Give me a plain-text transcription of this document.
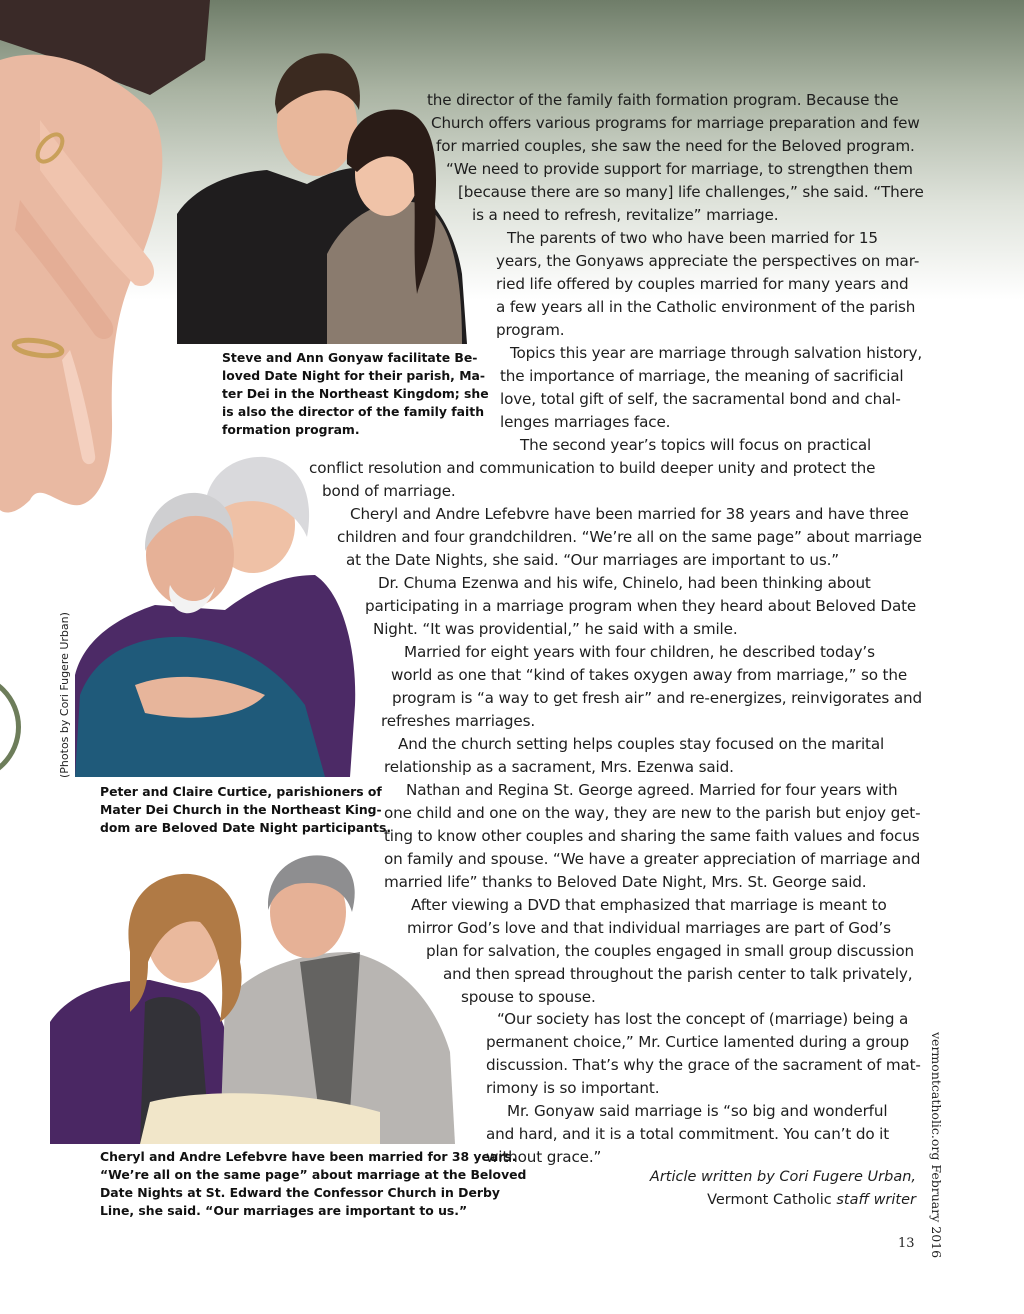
the director of the family faith formation program. Because the
Church offers various programs for marriage preparation and few
for married couples, she saw the need for the Beloved program.
“We need to provide support for marriage, to strengthen them
[because there are so many] life challenges,” she said. “There
is a need to refresh, revitalize” marriage.
The parents of two who have been married for 15
years, the Gonyaws appreciate the perspectives on mar-
ried life offered by couples married for many years and
a few years all in the Catholic environment of the parish
program.
Topics this year are marriage through salvation history,
the importance of marriage, the meaning of sacrificial
love, total gift of self, the sacramental bond and chal-
lenges marriages face.
The second year’s topics will focus on practical
conflict resolution and communication to build deeper unity and protect the
bond of marriage.
Cheryl and Andre Lefebvre have been married for 38 years and have three
children and four grandchildren. “We’re all on the same page” about marriage
at the Date Nights, she said. “Our marriages are important to us.”
Dr. Chuma Ezenwa and his wife, Chinelo, had been thinking about
participating in a marriage program when they heard about Beloved Date
Night. “It was providential,” he said with a smile.
Married for eight years with four children, he described today’s
world as one that “kind of takes oxygen away from marriage,” so the
program is “a way to get fresh air” and re-energizes, reinvigorates and
refreshes marriages.
And the church setting helps couples stay focused on the marital
relationship as a sacrament, Mrs. Ezenwa said.
Nathan and Regina St. George agreed. Married for four years with
one child and one on the way, they are new to the parish but enjoy get-
ting to know other couples and sharing the same faith values and focus
on family and spouse. “We have a greater appreciation of marriage and
married life” thanks to Beloved Date Night, Mrs. St. George said.
After viewing a DVD that emphasized that marriage is meant to
mirror God’s love and that individual marriages are part of God’s
plan for salvation, the couples engaged in small group discussion
and then spread throughout the parish center to talk privately,
spouse to spouse.
“Our society has lost the concept of (marriage) being a
permanent choice,” Mr. Curtice lamented during a group
discussion. That’s why the grace of the sacrament of mat-
rimony is so important.
Mr. Gonyaw said marriage is “so big and wonderful
and hard, and it is a total commitment. You can’t do it
without grace.”
Steve and Ann Gonyaw facilitate Be-
loved Date Night for their parish, Ma-
ter Dei in the Northeast Kingdom; she
is also the director of the family faith
formation program.
Peter and Claire Curtice, parishioners of
Mater Dei Church in the Northeast King-
dom are Beloved Date Night participants.
Cheryl and Andre Lefebvre have been married for 38 years.
“We’re all on the same page” about marriage at the Beloved
Date Nights at St. Edward the Confessor Church in Derby
Line, she said. “Our marriages are important to us.”
Article written by Cori Fugere Urban,
Vermont Catholic staff writer
(Photos by Cori Fugere Urban)
vermontcatholic.org February 2016
13
